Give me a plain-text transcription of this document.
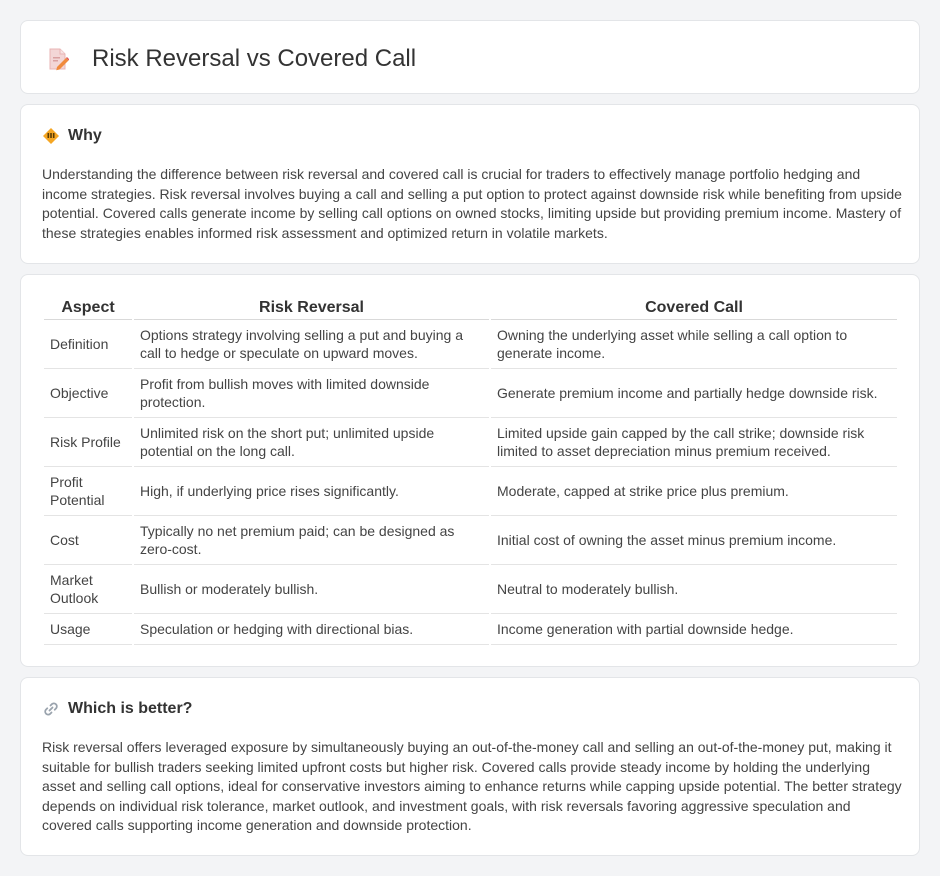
Risk Reversal vs Covered Call
Why

Understanding the difference between risk reversal and covered call is crucial for traders to effectively manage portfolio hedging and income strategies. Risk reversal involves buying a call and selling a put option to protect against downside risk while benefiting from upside potential. Covered calls generate income by selling call options on owned stocks, limiting upside but providing premium income. Mastery of these strategies enables informed risk assessment and optimized return in volatile markets.

Aspect	Risk Reversal	Covered Call
Definition	Options strategy involving selling a put and buying a call to hedge or speculate on upward moves.	Owning the underlying asset while selling a call option to generate income.
Objective	Profit from bullish moves with limited downside protection.	Generate premium income and partially hedge downside risk.
Risk Profile	Unlimited risk on the short put; unlimited upside potential on the long call.	Limited upside gain capped by the call strike; downside risk limited to asset depreciation minus premium received.
Profit Potential	High, if underlying price rises significantly.	Moderate, capped at strike price plus premium.
Cost	Typically no net premium paid; can be designed as zero-cost.	Initial cost of owning the asset minus premium income.
Market Outlook	Bullish or moderately bullish.	Neutral to moderately bullish.
Usage	Speculation or hedging with directional bias.	Income generation with partial downside hedge.
Which is better?

Risk reversal offers leveraged exposure by simultaneously buying an out-of-the-money call and selling an out-of-the-money put, making it suitable for bullish traders seeking limited upfront costs but higher risk. Covered calls provide steady income by holding the underlying asset and selling call options, ideal for conservative investors aiming to enhance returns while capping upside potential. The better strategy depends on individual risk tolerance, market outlook, and investment goals, with risk reversals favoring aggressive speculation and covered calls supporting income generation and downside protection.
